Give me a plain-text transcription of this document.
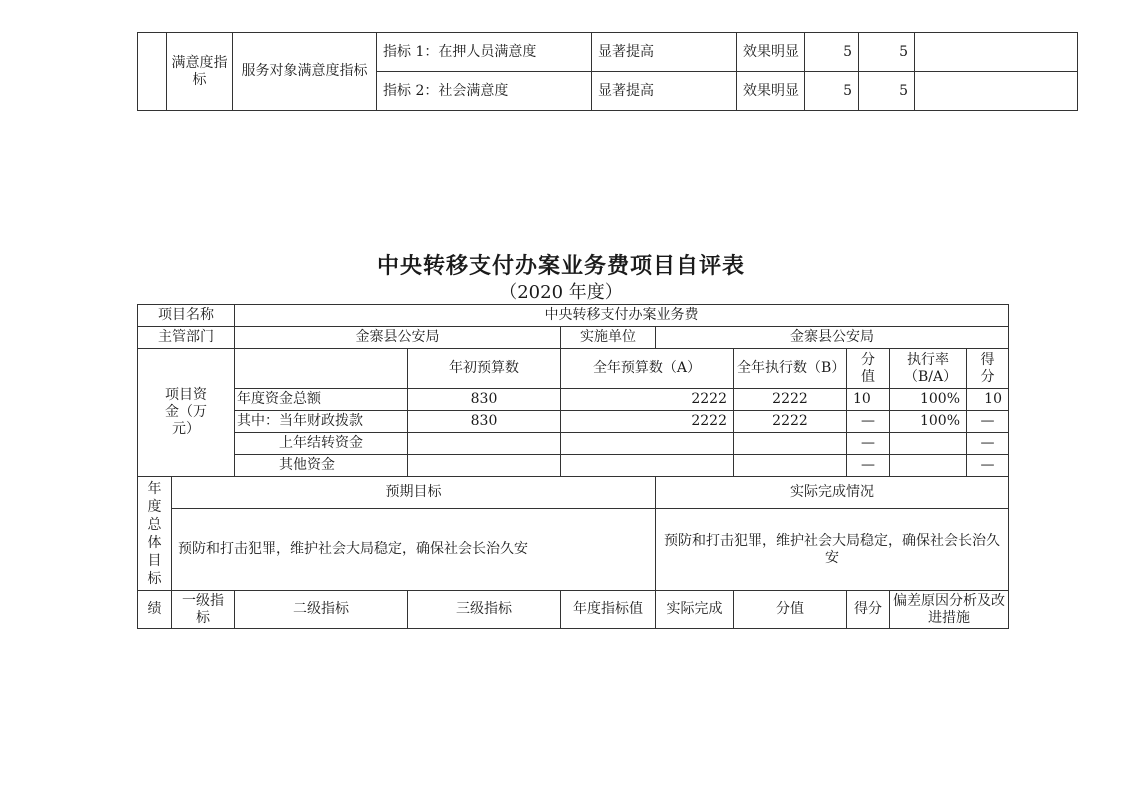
	满意度指标	服务对象满意度指标	指标 1：在押人员满意度	显著提高	效果明显	5	5	
			指标 2：社会满意度	显著提高	效果明显	5	5	
中央转移支付办案业务费项目自评表
（2020 年度）
项目名称		中央转移支付办案业务费							
主管部门		金寨县公安局		实施单位	金寨县公安局				
项目资金（万元）			年初预算数	全年预算数（A）		全年执行数（B）	分值	执行率（B/A）	得分
		年度资金总额	830	2222		2222	10	100%	10
		其中：当年财政拨款	830	2222		2222	—	100%	—
		上年结转资金					—		—
		其他资金					—		—
年度总体目标	预期目标				实际完成情况				
	预防和打击犯罪，维护社会大局稳定，确保社会长治久安				预防和打击犯罪，维护社会大局稳定，确保社会长治久安				
绩	一级指标	二级指标	三级指标	年度指标值	实际完成	分值	得分	偏差原因分析及改进措施	
